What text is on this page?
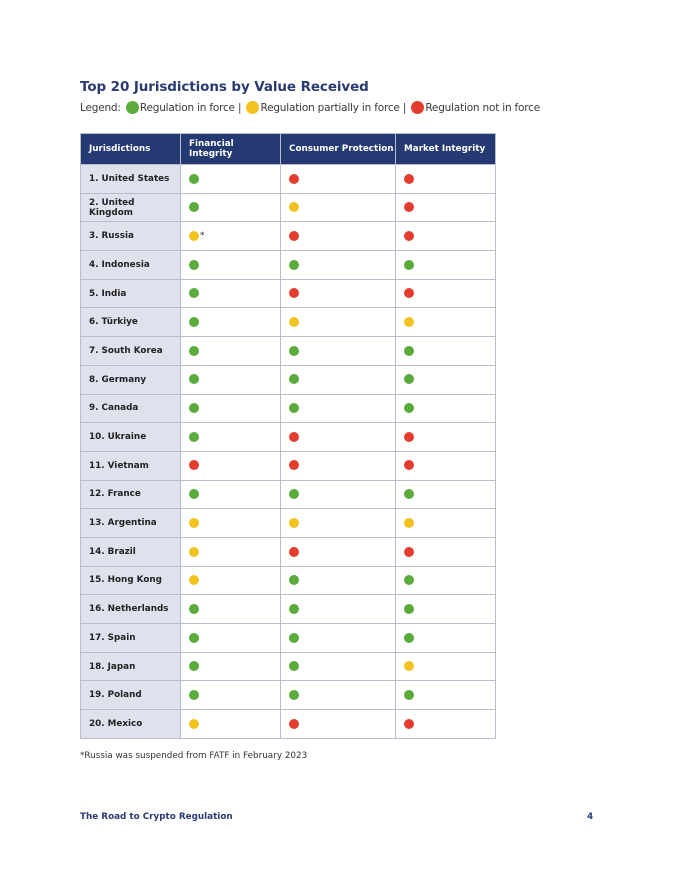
Top 20 Jurisdictions by Value Received
Legend: Regulation in force | Regulation partially in force | Regulation not in force
Jurisdictions	Financial Integrity	Consumer Protection	Market Integrity
1. United States			
2. United Kingdom			
3. Russia	*		
4. Indonesia			
5. India			
6. Türkiye			
7. South Korea			
8. Germany			
9. Canada			
10. Ukraine			
11. Vietnam			
12. France			
13. Argentina			
14. Brazil			
15. Hong Kong			
16. Netherlands			
17. Spain			
18. Japan			
19. Poland			
20. Mexico			
*Russia was suspended from FATF in February 2023
The Road to Crypto Regulation	4
